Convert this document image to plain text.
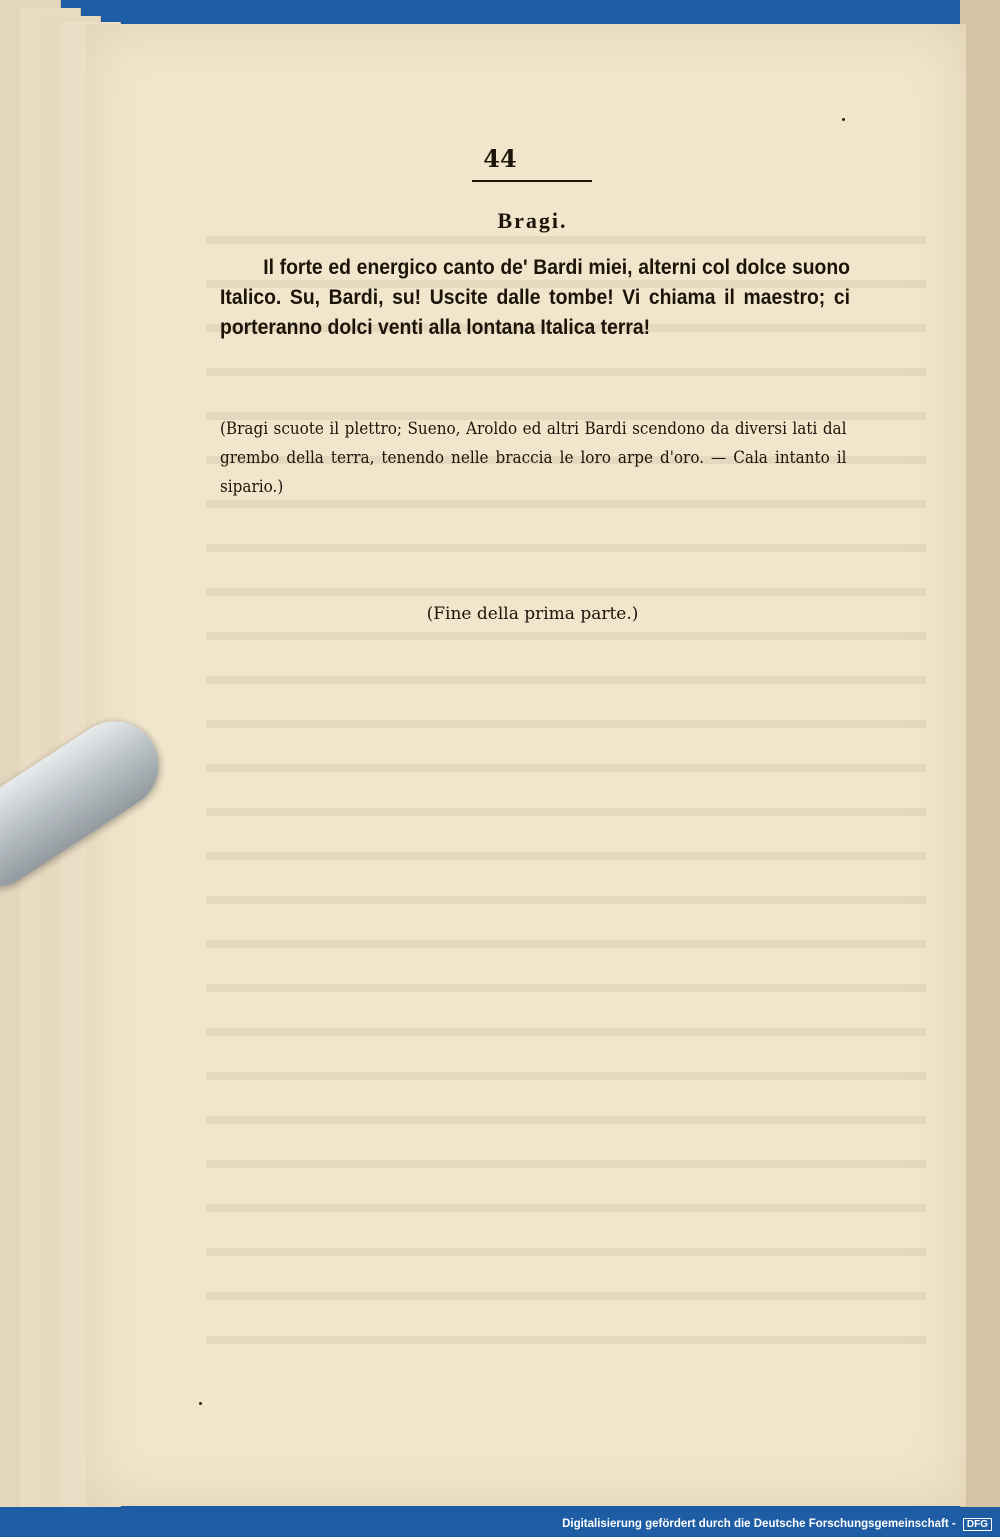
44
Bragi.

Il forte ed energico canto de' Bardi miei, alterni col dolce suono Italico. Su, Bardi, su! Uscite dalle tombe! Vi chiama il maestro; ci porteranno dolci venti alla lontana Italica terra!

(Bragi scuote il plettro; Sueno, Aroldo ed altri Bardi scendono da diversi lati dal grembo della terra, tenendo nelle braccia le loro arpe d'oro. — Cala intanto il sipario.)

(Fine della prima parte.)
Digitalisierung gefördert durch die Deutsche Forschungsgemeinschaft - DFG
